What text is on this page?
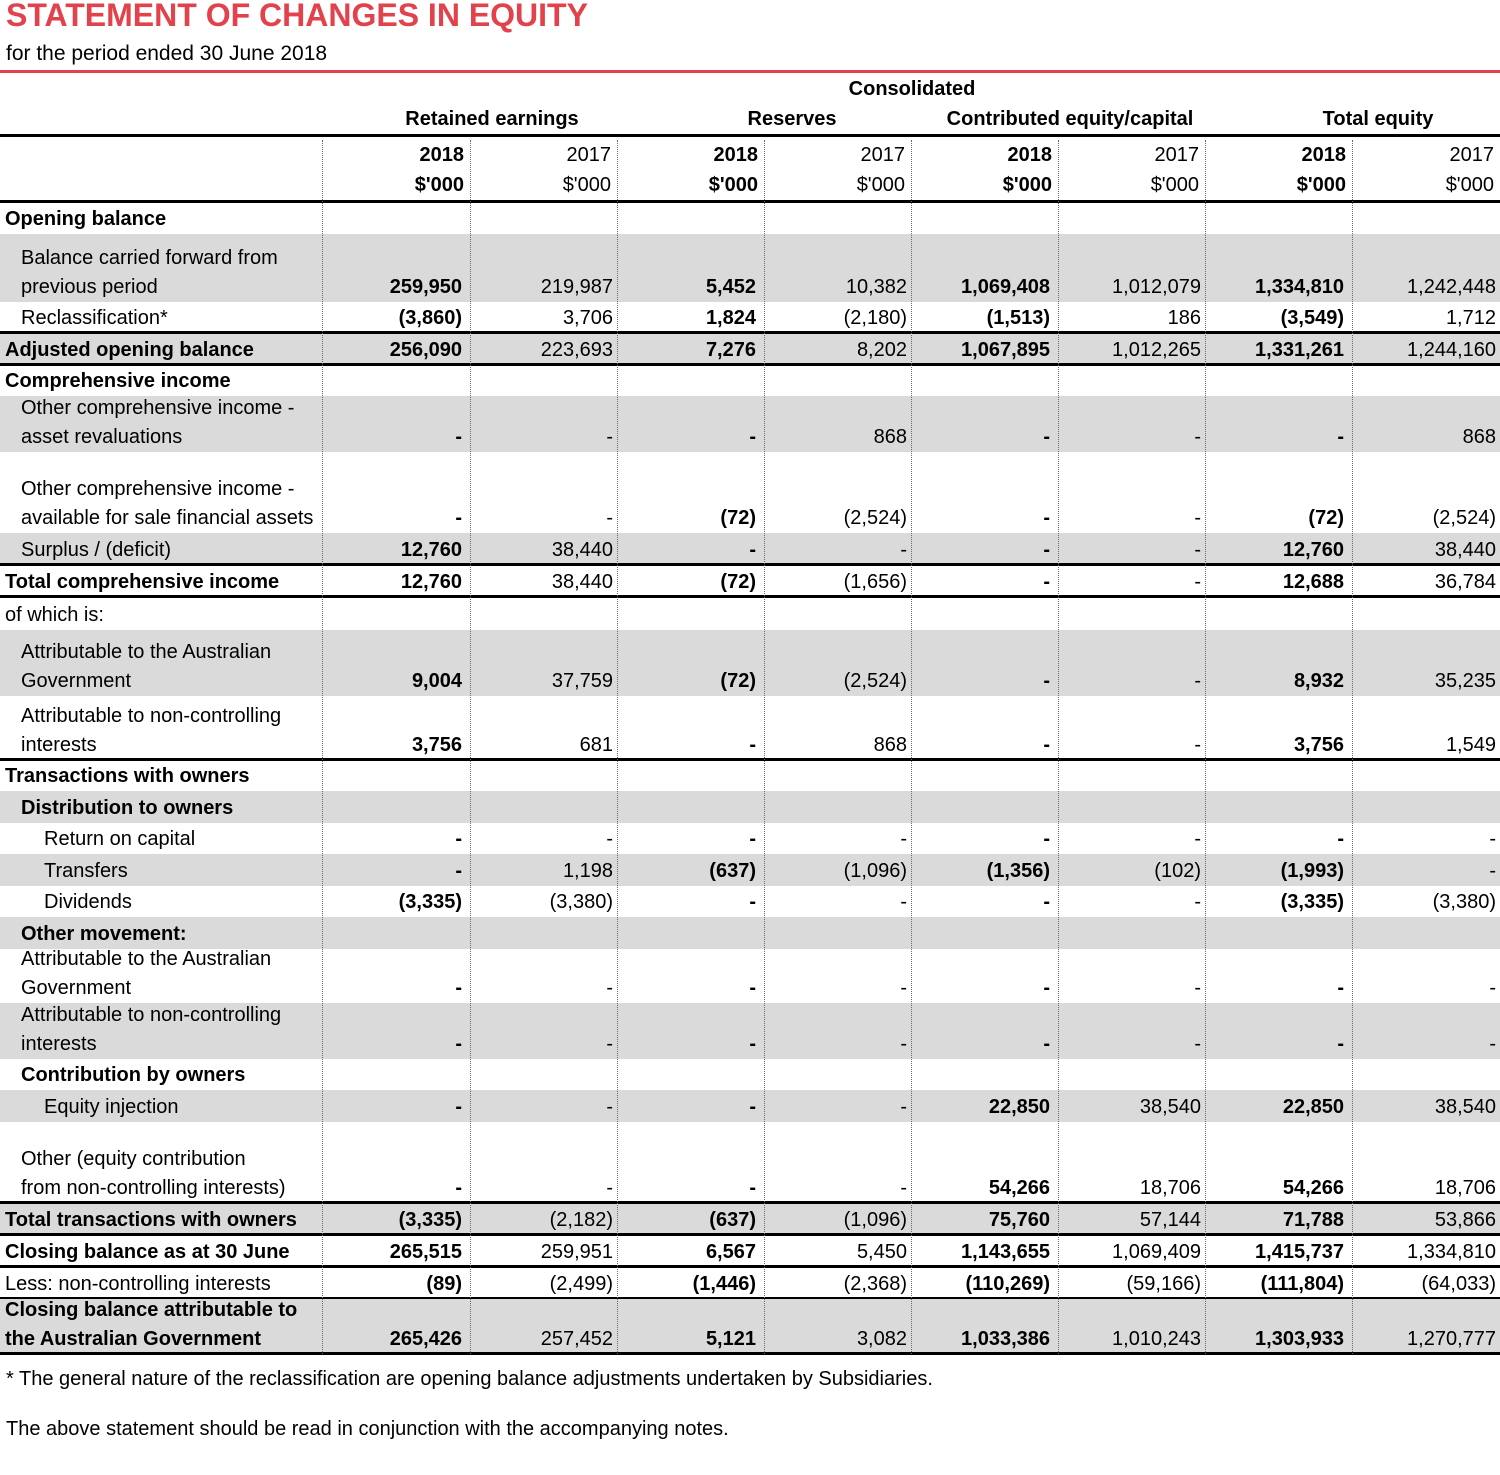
STATEMENT OF CHANGES IN EQUITY
for the period ended 30 June 2018
Consolidated
Retained earnings	Reserves	Contributed equity/capital	Total equity
2018	2017	2018	2017	2018	2017	2018	2017
$'000	$'000	$'000	$'000	$'000	$'000	$'000	$'000
Opening balance
Balance carried forward from
previous period	259,950	219,987	5,452	10,382	1,069,408	1,012,079	1,334,810	1,242,448
Reclassification*	(3,860)	3,706	1,824	(2,180)	(1,513)	186	(3,549)	1,712
Adjusted opening balance	256,090	223,693	7,276	8,202	1,067,895	1,012,265	1,331,261	1,244,160
Comprehensive income
Other comprehensive income -
asset revaluations	-	-	-	868	-	-	-	868
Other comprehensive income -
available for sale financial assets	-	-	(72)	(2,524)	-	-	(72)	(2,524)
Surplus / (deficit)	12,760	38,440	-	-	-	-	12,760	38,440
Total comprehensive income	12,760	38,440	(72)	(1,656)	-	-	12,688	36,784
of which is:
Attributable to the Australian
Government	9,004	37,759	(72)	(2,524)	-	-	8,932	35,235
Attributable to non-controlling
interests	3,756	681	-	868	-	-	3,756	1,549
Transactions with owners
Distribution to owners
Return on capital	-	-	-	-	-	-	-	-
Transfers	-	1,198	(637)	(1,096)	(1,356)	(102)	(1,993)	-
Dividends	(3,335)	(3,380)	-	-	-	-	(3,335)	(3,380)
Other movement:
Attributable to the Australian
Government	-	-	-	-	-	-	-	-
Attributable to non-controlling
interests	-	-	-	-	-	-	-	-
Contribution by owners
Equity injection	-	-	-	-	22,850	38,540	22,850	38,540
Other (equity contribution
from non-controlling interests)	-	-	-	-	54,266	18,706	54,266	18,706
Total transactions with owners	(3,335)	(2,182)	(637)	(1,096)	75,760	57,144	71,788	53,866
Closing balance as at 30 June	265,515	259,951	6,567	5,450	1,143,655	1,069,409	1,415,737	1,334,810
Less: non-controlling interests	(89)	(2,499)	(1,446)	(2,368)	(110,269)	(59,166)	(111,804)	(64,033)
Closing balance attributable to
the Australian Government	265,426	257,452	5,121	3,082	1,033,386	1,010,243	1,303,933	1,270,777
* The general nature of the reclassification are opening balance adjustments undertaken by Subsidiaries.
The above statement should be read in conjunction with the accompanying notes.
